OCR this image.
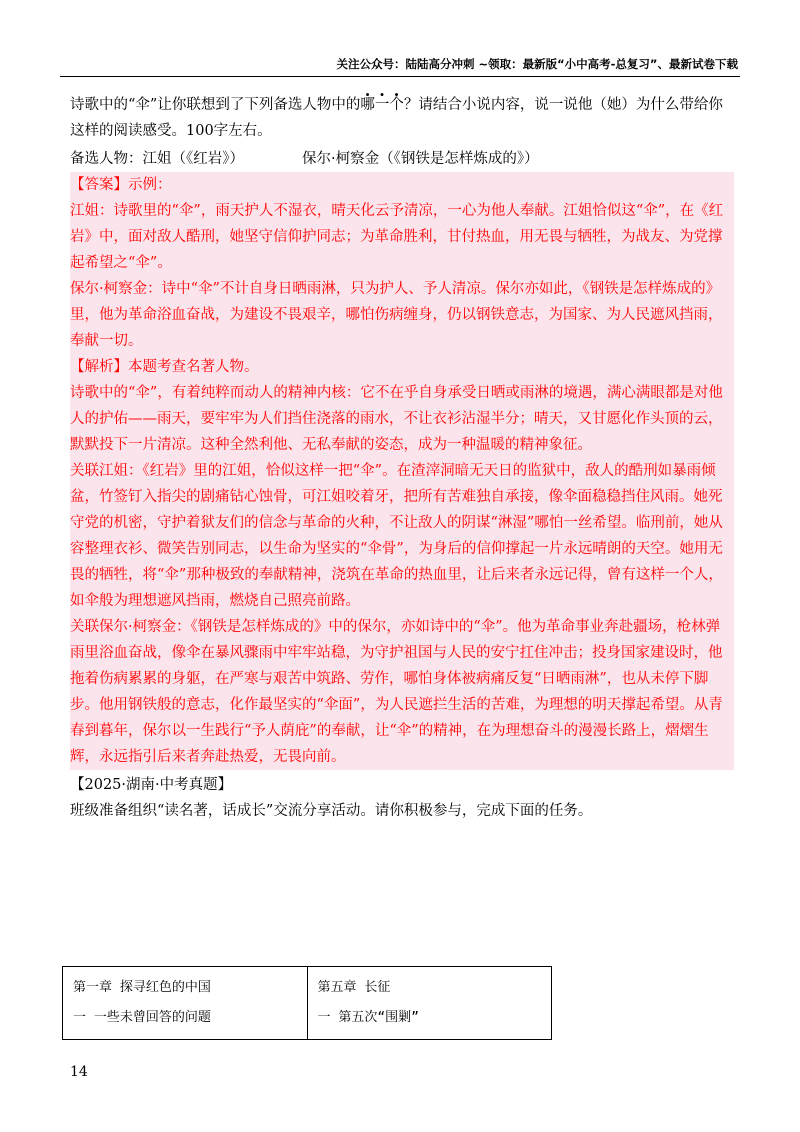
关注公众号：陆陆高分冲刺 ~领取：最新版“小中高考-总复习”、最新试卷下载

诗歌中的“伞”让你联想到了下列备选人物中的哪一个？请结合小说内容，说一说他（她）为什么带给你

这样的阅读感受。100字左右。

备选人物：江姐（《红岩》）	保尔·柯察金（《钢铁是怎样炼成的》）

【答案】示例：

江姐：诗歌里的“伞”，雨天护人不湿衣，晴天化云予清凉，一心为他人奉献。江姐恰似这“伞”，在《红岩》中，面对敌人酷刑，她坚守信仰护同志；为革命胜利，甘付热血，用无畏与牺牲，为战友、为党撑起希望之“伞”。

保尔·柯察金：诗中“伞”不计自身日晒雨淋，只为护人、予人清凉。保尔亦如此，《钢铁是怎样炼成的》里，他为革命浴血奋战，为建设不畏艰辛，哪怕伤病缠身，仍以钢铁意志，为国家、为人民遮风挡雨，奉献一切。

【解析】本题考查名著人物。

诗歌中的“伞”，有着纯粹而动人的精神内核：它不在乎自身承受日晒或雨淋的境遇，满心满眼都是对他人的护佑——雨天，要牢牢为人们挡住浇落的雨水，不让衣衫沾湿半分；晴天，又甘愿化作头顶的云，默默投下一片清凉。这种全然利他、无私奉献的姿态，成为一种温暖的精神象征。

关联江姐：《红岩》里的江姐，恰似这样一把“伞”。在渣滓洞暗无天日的监狱中，敌人的酷刑如暴雨倾盆，竹签钉入指尖的剧痛钻心蚀骨，可江姐咬着牙，把所有苦难独自承接，像伞面稳稳挡住风雨。她死守党的机密，守护着狱友们的信念与革命的火种，不让敌人的阴谋“淋湿”哪怕一丝希望。临刑前，她从容整理衣衫、微笑告别同志，以生命为坚实的“伞骨”，为身后的信仰撑起一片永远晴朗的天空。她用无畏的牺牲，将“伞”那种极致的奉献精神，浇筑在革命的热血里，让后来者永远记得，曾有这样一个人，如伞般为理想遮风挡雨，燃烧自己照亮前路。

关联保尔·柯察金：《钢铁是怎样炼成的》中的保尔，亦如诗中的“伞”。他为革命事业奔赴疆场，枪林弹雨里浴血奋战，像伞在暴风骤雨中牢牢站稳，为守护祖国与人民的安宁扛住冲击；投身国家建设时，他拖着伤病累累的身躯，在严寒与艰苦中筑路、劳作，哪怕身体被病痛反复“日晒雨淋”，也从未停下脚步。他用钢铁般的意志，化作最坚实的“伞面”，为人民遮拦生活的苦难，为理想的明天撑起希望。从青春到暮年，保尔以一生践行“予人荫庇”的奉献，让“伞”的精神，在为理想奋斗的漫漫长路上，熠熠生辉，永远指引后来者奔赴热爱，无畏向前。

【2025·湖南·中考真题】

班级准备组织“读名著，话成长”交流分享活动。请你积极参与，完成下面的任务。

第一章 探寻红色的中国
一 一些未曾回答的问题

第五章 长征
一 第五次“围剿”
14
